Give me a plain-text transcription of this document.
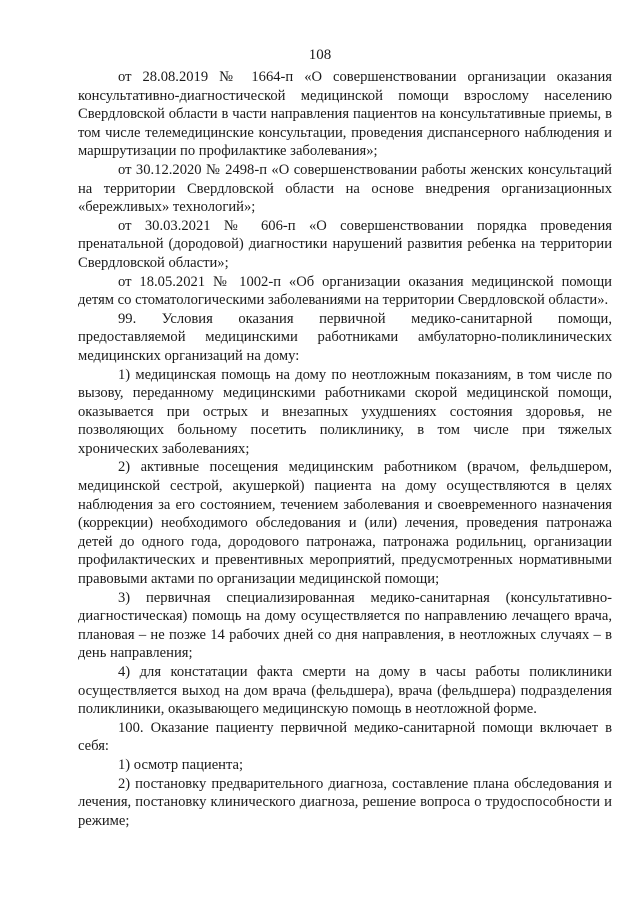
108

от 28.08.2019 № 1664-п «О совершенствовании организации оказания консультативно-диагностической медицинской помощи взрослому населению Свердловской области в части направления пациентов на консультативные приемы, в том числе телемедицинские консультации, проведения диспансерного наблюдения и маршрутизации по профилактике заболевания»;

от 30.12.2020 № 2498-п «О совершенствовании работы женских консультаций на территории Свердловской области на основе внедрения организационных «бережливых» технологий»;

от 30.03.2021 № 606-п «О совершенствовании порядка проведения пренатальной (дородовой) диагностики нарушений развития ребенка на территории Свердловской области»;

от 18.05.2021 № 1002-п «Об организации оказания медицинской помощи детям со стоматологическими заболеваниями на территории Свердловской области».

99. Условия оказания первичной медико-санитарной помощи, предоставляемой медицинскими работниками амбулаторно-поликлинических медицинских организаций на дому:

1) медицинская помощь на дому по неотложным показаниям, в том числе по вызову, переданному медицинскими работниками скорой медицинской помощи, оказывается при острых и внезапных ухудшениях состояния здоровья, не позволяющих больному посетить поликлинику, в том числе при тяжелых хронических заболеваниях;

2) активные посещения медицинским работником (врачом, фельдшером, медицинской сестрой, акушеркой) пациента на дому осуществляются в целях наблюдения за его состоянием, течением заболевания и своевременного назначения (коррекции) необходимого обследования и (или) лечения, проведения патронажа детей до одного года, дородового патронажа, патронажа родильниц, организации профилактических и превентивных мероприятий, предусмотренных нормативными правовыми актами по организации медицинской помощи;

3) первичная специализированная медико-санитарная (консультативно-диагностическая) помощь на дому осуществляется по направлению лечащего врача, плановая – не позже 14 рабочих дней со дня направления, в неотложных случаях – в день направления;

4) для констатации факта смерти на дому в часы работы поликлиники осуществляется выход на дом врача (фельдшера), врача (фельдшера) подразделения поликлиники, оказывающего медицинскую помощь в неотложной форме.

100. Оказание пациенту первичной медико-санитарной помощи включает в себя:

1) осмотр пациента;

2) постановку предварительного диагноза, составление плана обследования и лечения, постановку клинического диагноза, решение вопроса о трудоспособности и режиме;
